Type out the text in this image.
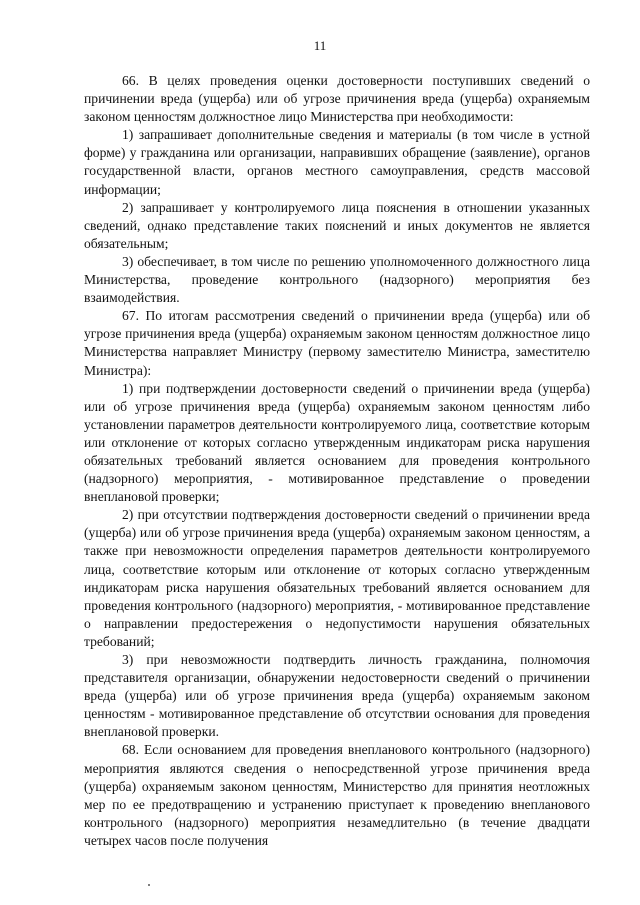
11

66. В целях проведения оценки достоверности поступивших сведений о причинении вреда (ущерба) или об угрозе причинения вреда (ущерба) охраняемым законом ценностям должностное лицо Министерства при необходимости:

1) запрашивает дополнительные сведения и материалы (в том числе в устной форме) у гражданина или организации, направивших обращение (заявление), органов государственной власти, органов местного самоуправления, средств массовой информации;

2) запрашивает у контролируемого лица пояснения в отношении указанных сведений, однако представление таких пояснений и иных документов не является обязательным;

3) обеспечивает, в том числе по решению уполномоченного должностного лица Министерства, проведение контрольного (надзорного) мероприятия без взаимодействия.

67. По итогам рассмотрения сведений о причинении вреда (ущерба) или об угрозе причинения вреда (ущерба) охраняемым законом ценностям должностное лицо Министерства направляет Министру (первому заместителю Министра, заместителю Министра):

1) при подтверждении достоверности сведений о причинении вреда (ущерба) или об угрозе причинения вреда (ущерба) охраняемым законом ценностям либо установлении параметров деятельности контролируемого лица, соответствие которым или отклонение от которых согласно утвержденным индикаторам риска нарушения обязательных требований является основанием для проведения контрольного (надзорного) мероприятия, - мотивированное представление о проведении внеплановой проверки;

2) при отсутствии подтверждения достоверности сведений о причинении вреда (ущерба) или об угрозе причинения вреда (ущерба) охраняемым законом ценностям, а также при невозможности определения параметров деятельности контролируемого лица, соответствие которым или отклонение от которых согласно утвержденным индикаторам риска нарушения обязательных требований является основанием для проведения контрольного (надзорного) мероприятия, - мотивированное представление о направлении предостережения о недопустимости нарушения обязательных требований;

3) при невозможности подтвердить личность гражданина, полномочия представителя организации, обнаружении недостоверности сведений о причинении вреда (ущерба) или об угрозе причинения вреда (ущерба) охраняемым законом ценностям - мотивированное представление об отсутствии основания для проведения внеплановой проверки.

68. Если основанием для проведения внепланового контрольного (надзорного) мероприятия являются сведения о непосредственной угрозе причинения вреда (ущерба) охраняемым законом ценностям, Министерство для принятия неотложных мер по ее предотвращению и устранению приступает к проведению внепланового контрольного (надзорного) мероприятия незамедлительно (в течение двадцати четырех часов после получения
